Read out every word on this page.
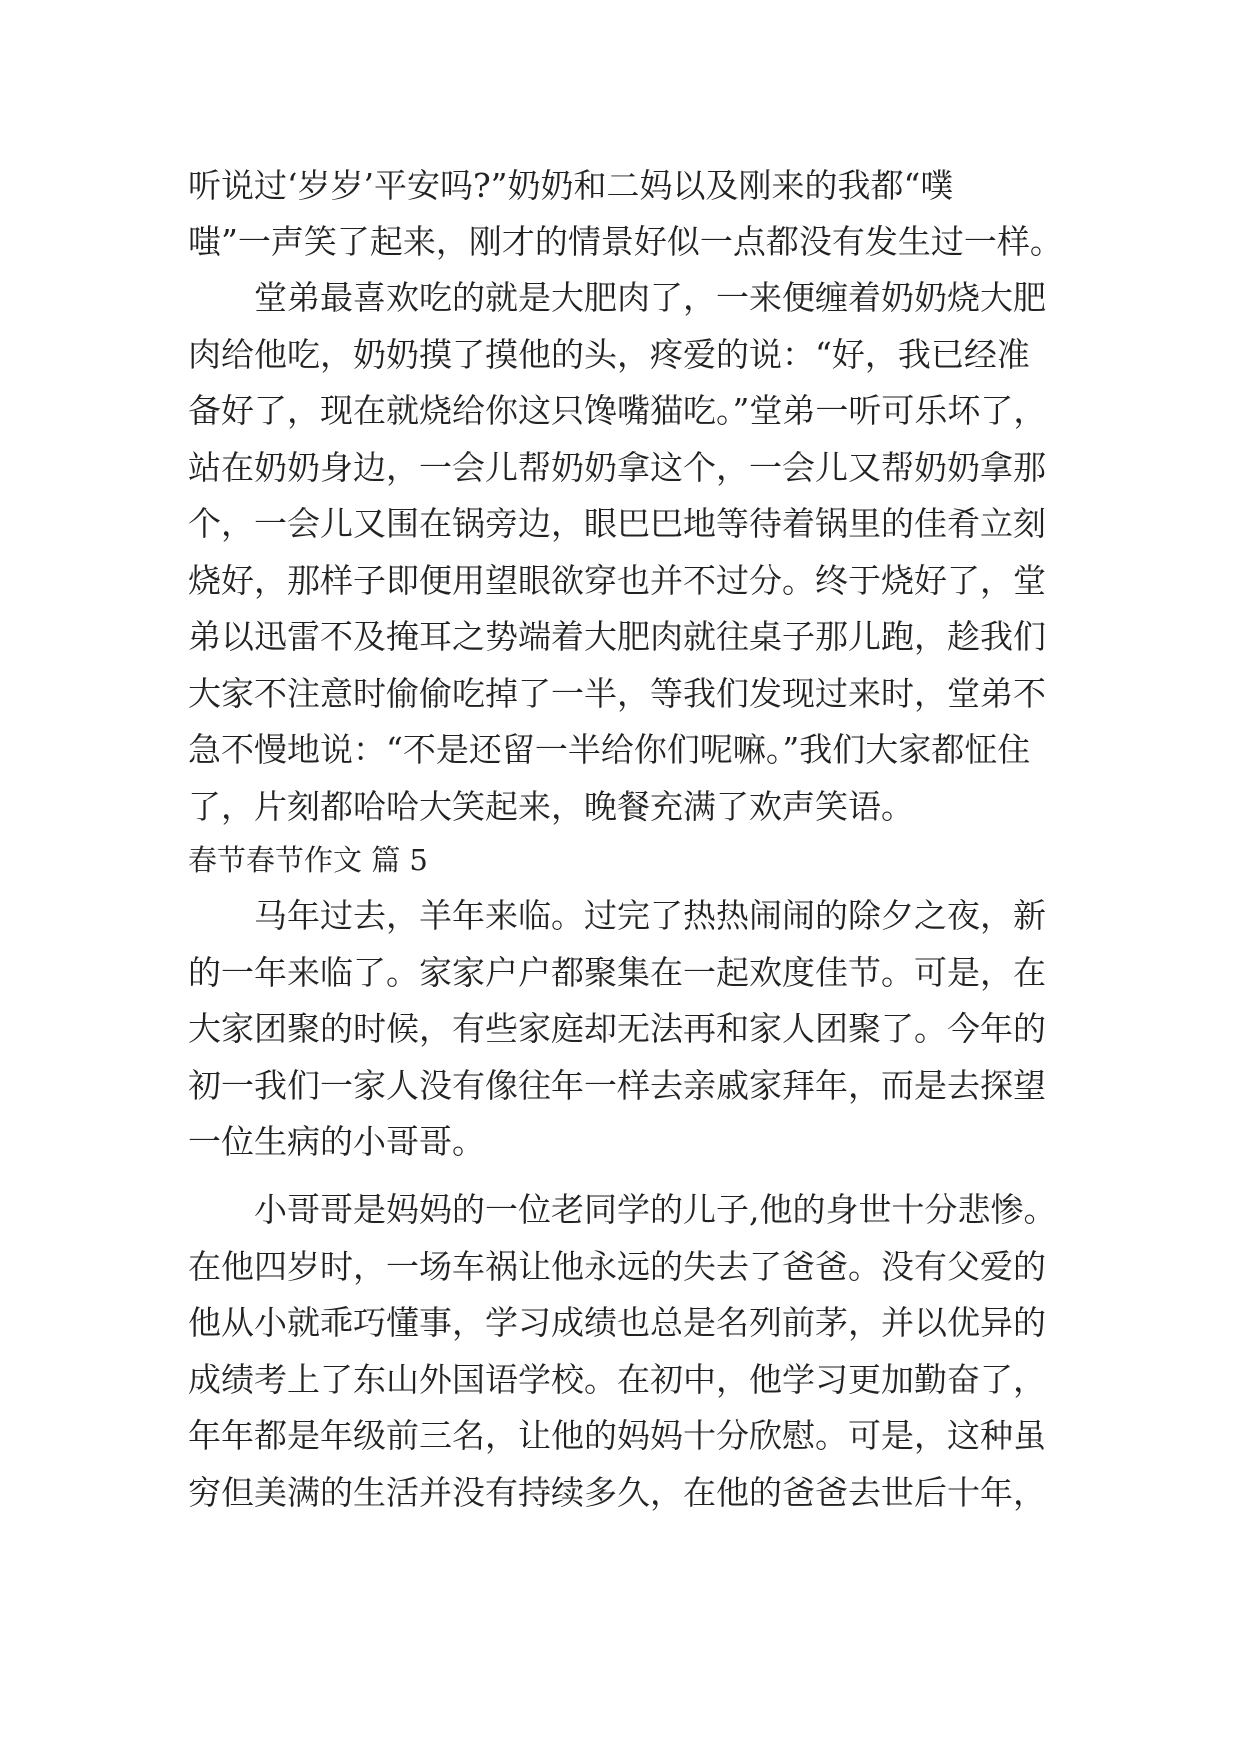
听说过‘岁岁’平安吗?”奶奶和二妈以及刚来的我都“噗
嗤”一声笑了起来，刚才的情景好似一点都没有发生过一样。
　　堂弟最喜欢吃的就是大肥肉了，一来便缠着奶奶烧大肥
肉给他吃，奶奶摸了摸他的头，疼爱的说：“好，我已经准
备好了，现在就烧给你这只馋嘴猫吃。”堂弟一听可乐坏了，
站在奶奶身边，一会儿帮奶奶拿这个，一会儿又帮奶奶拿那
个，一会儿又围在锅旁边，眼巴巴地等待着锅里的佳肴立刻
烧好，那样子即便用望眼欲穿也并不过分。终于烧好了，堂
弟以迅雷不及掩耳之势端着大肥肉就往桌子那儿跑，趁我们
大家不注意时偷偷吃掉了一半，等我们发现过来时，堂弟不
急不慢地说：“不是还留一半给你们呢嘛。”我们大家都怔住
了，片刻都哈哈大笑起来，晚餐充满了欢声笑语。
春节春节作文 篇 5
　　马年过去，羊年来临。过完了热热闹闹的除夕之夜，新
的一年来临了。家家户户都聚集在一起欢度佳节。可是，在
大家团聚的时候，有些家庭却无法再和家人团聚了。今年的
初一我们一家人没有像往年一样去亲戚家拜年，而是去探望
一位生病的小哥哥。
　　小哥哥是妈妈的一位老同学的儿子,他的身世十分悲惨。
在他四岁时，一场车祸让他永远的失去了爸爸。没有父爱的
他从小就乖巧懂事，学习成绩也总是名列前茅，并以优异的
成绩考上了东山外国语学校。在初中，他学习更加勤奋了，
年年都是年级前三名，让他的妈妈十分欣慰。可是，这种虽
穷但美满的生活并没有持续多久，在他的爸爸去世后十年，
